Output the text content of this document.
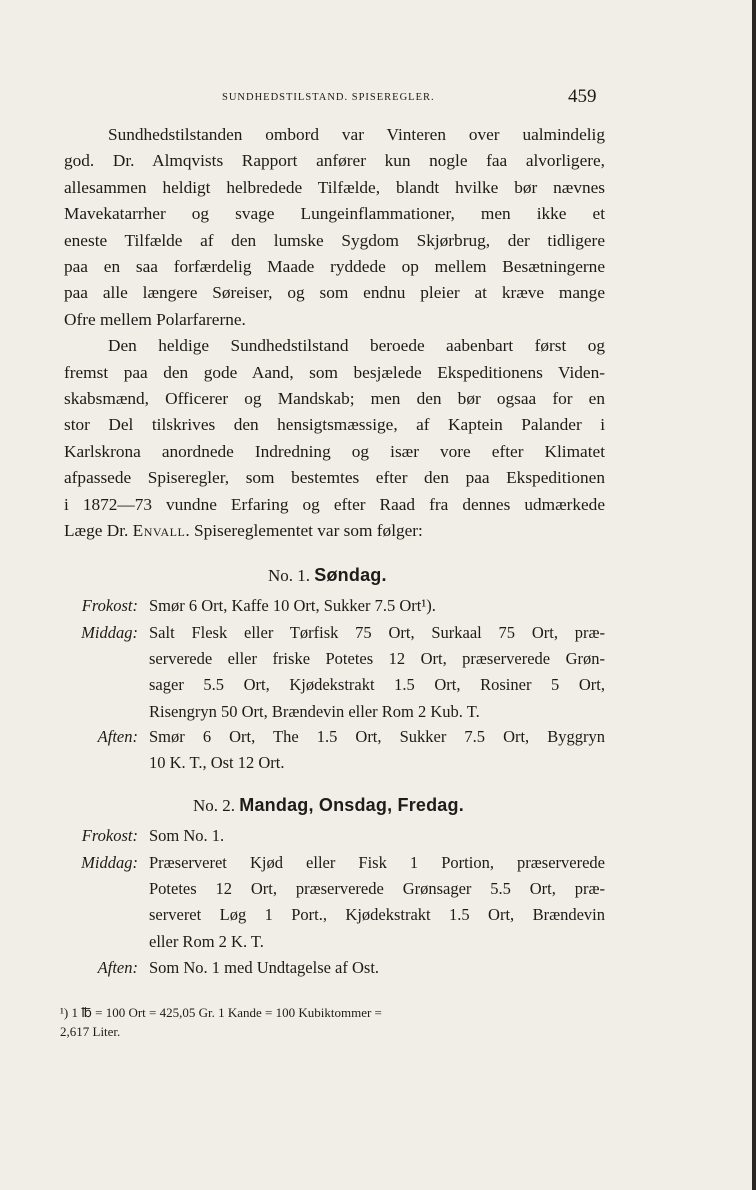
SUNDHEDSTILSTAND. SPISEREGLER.	459

Sundhedstilstanden ombord var Vinteren over ualmindelig
god. Dr. Almqvists Rapport anfører kun nogle faa alvorligere,
allesammen heldigt helbredede Tilfælde, blandt hvilke bør nævnes
Mavekatarrher og svage Lungeinflammationer, men ikke et
eneste Tilfælde af den lumske Sygdom Skjørbrug, der tidligere
paa en saa forfærdelig Maade ryddede op mellem Besætningerne
paa alle længere Søreiser, og som endnu pleier at kræve mange
Ofre mellem Polarfarerne.

Den heldige Sundhedstilstand beroede aabenbart først og
fremst paa den gode Aand, som besjælede Ekspeditionens Viden-
skabsmænd, Officerer og Mandskab; men den bør ogsaa for en
stor Del tilskrives den hensigtsmæssige, af Kaptein Palander i
Karlskrona anordnede Indredning og især vore efter Klimatet
afpassede Spiseregler, som bestemtes efter den paa Ekspeditionen
i 1872—73 vundne Erfaring og efter Raad fra dennes udmærkede
Læge Dr. Envall. Spisereglementet var som følger:

No. 1. Søndag.
Frokost: Smør 6 Ort, Kaffe 10 Ort, Sukker 7.5 Ort¹).
Middag: Salt Flesk eller Tørfisk 75 Ort, Surkaal 75 Ort, præ-
serverede eller friske Potetes 12 Ort, præserverede Grøn-
sager 5.5 Ort, Kjødekstrakt 1.5 Ort, Rosiner 5 Ort,
Risengryn 50 Ort, Brændevin eller Rom 2 Kub. T.
Aften: Smør 6 Ort, The 1.5 Ort, Sukker 7.5 Ort, Byggryn
10 K. T., Ost 12 Ort.
No. 2. Mandag, Onsdag, Fredag.
Frokost: Som No. 1.
Middag: Præserveret Kjød eller Fisk 1 Portion, præserverede
Potetes 12 Ort, præserverede Grønsager 5.5 Ort, præ-
serveret Løg 1 Port., Kjødekstrakt 1.5 Ort, Brændevin
eller Rom 2 K. T.
Aften: Som No. 1 med Undtagelse af Ost.
¹) 1 ℔ = 100 Ort = 425,05 Gr. 1 Kande = 100 Kubiktommer =
2,617 Liter.
